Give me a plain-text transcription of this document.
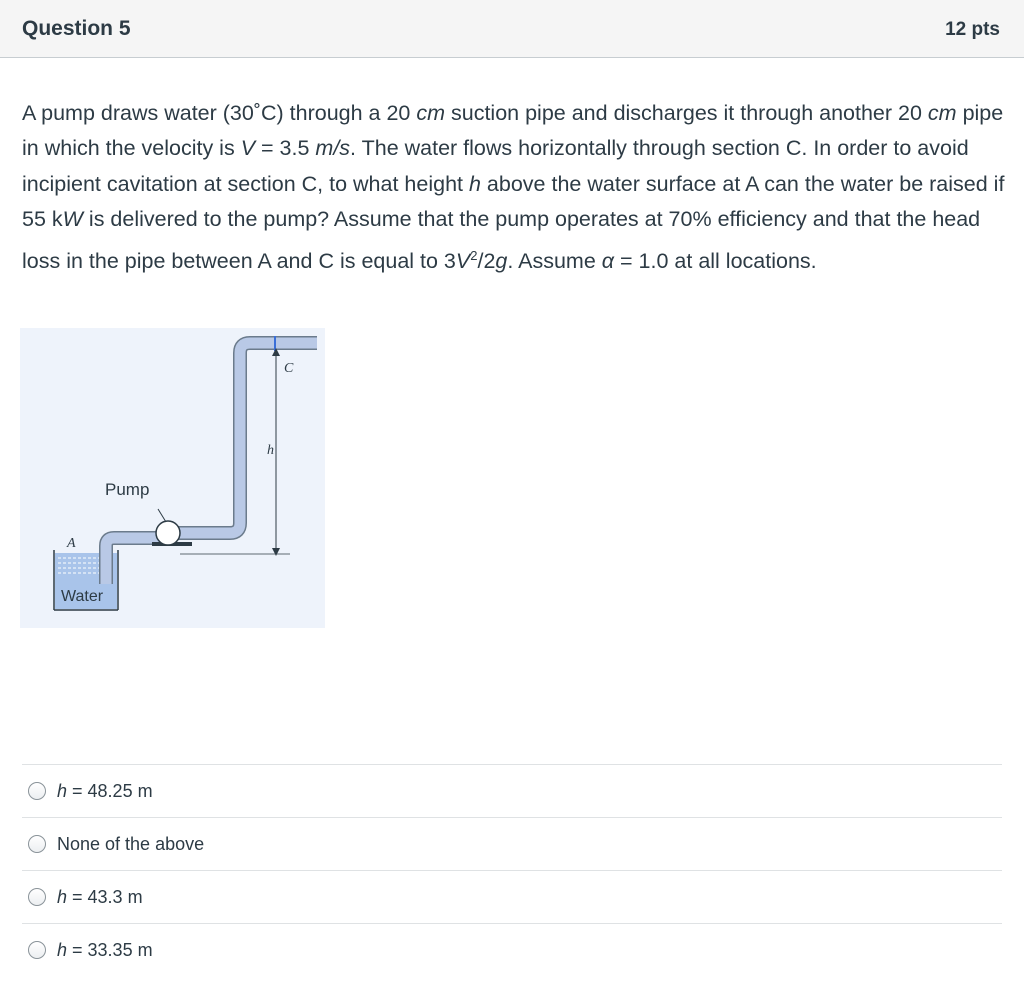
Question 5	12 pts
A pump draws water (30˚C) through a 20 cm suction pipe and discharges it through another 20 cm pipe in which the velocity is V = 3.5 m/s. The water flows horizontally through section C. In order to avoid incipient cavitation at section C, to what height h above the water surface at A can the water be raised if 55 kW is delivered to the pump? Assume that the pump operates at 70% efficiency and that the head loss in the pipe between A and C is equal to $3V^2/2g$. Assume α = 1.0 at all locations.
Pump
A
C
h
Water
h = 48.25 m
None of the above
h = 43.3 m
h = 33.35 m
